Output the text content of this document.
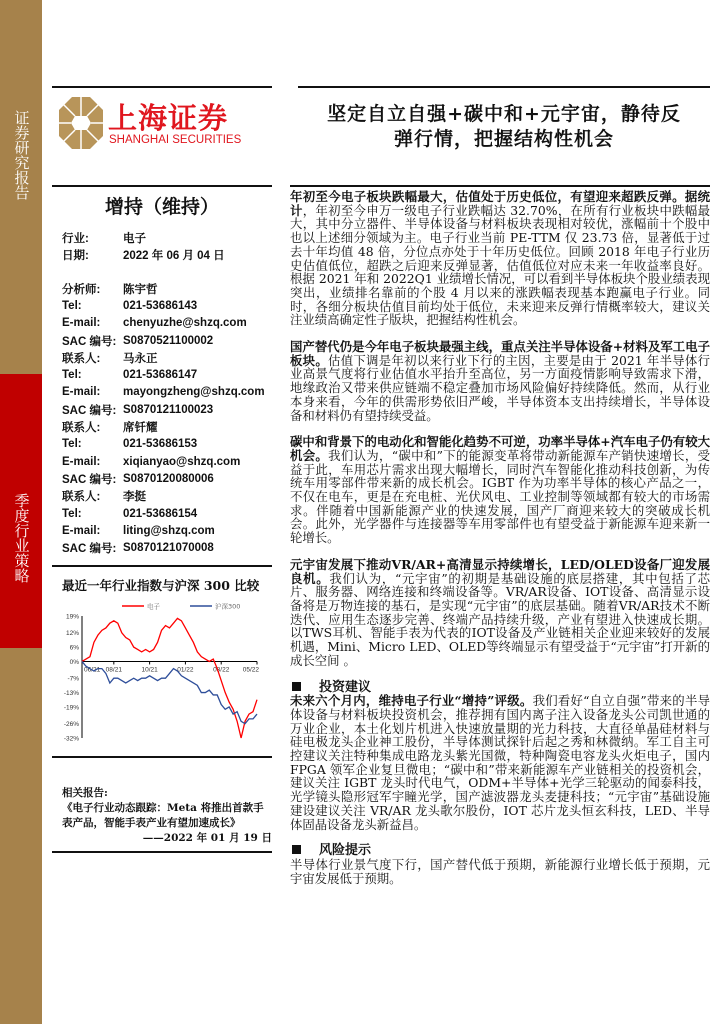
证券研究报告
季度行业策略
上海证券
SHANGHAI SECURITIES
坚定自立自强+碳中和+元宇宙，静待反
弹行情，把握结构性机会
增持（维持）
行业:	电子
日期:	2022 年 06 月 04 日
分析师:	陈宇哲
Tel:	021-53686143
E-mail:	chenyuzhe@shzq.com
SAC 编号: S0870521100002
联系人:	马永正
Tel:	021-53686147
E-mail:	mayongzheng@shzq.com
SAC 编号: S0870121100023
联系人:	席钎耀
Tel:	021-53686153
E-mail:	xiqianyao@shzq.com
SAC 编号: S0870120080006
联系人:	李挺
Tel:	021-53686154
E-mail:	liting@shzq.com
SAC 编号: S0870121070008
最近一年行业指数与沪深 300 比较
19%
12%
6%
0%
-7%
-13%
-19%
-26%
-32%
06/21 08/21	10/21	01/22	03/22 05/22
电子	沪深300
相关报告:
《电子行业动态跟踪：Meta 将推出首款手表产品，智能手表产业有望加速成长》
——2022 年 01 月 19 日

年初至今电子板块跌幅最大，估值处于历史低位，有望迎来超跌反弹。据统计，年初至今申万一级电子行业跌幅达 32.70%，在所有行业板块中跌幅最大，其中分立器件、半导体设备与材料板块表现相对较优，涨幅前十个股中也以上述细分领域为主。电子行业当前 PE-TTM 仅 23.73 倍，显著低于过去十年均值 48 倍，分位点亦处于十年历史低位。回顾 2018 年电子行业历史估值低位，超跌之后迎来反弹显著，估值低位对应未来一年收益率良好。根据 2021 年和 2022Q1 业绩增长情况，可以看到半导体板块个股业绩表现突出，业绩排名靠前的个股 4 月以来的涨跌幅表现基本跑赢电子行业。同时，各细分板块估值目前均处于低位，未来迎来反弹行情概率较大，建议关注业绩高确定性子版块，把握结构性机会。

国产替代仍是今年电子板块最强主线，重点关注半导体设备+材料及军工电子板块。估值下调是年初以来行业下行的主因，主要是由于 2021 年半导体行业高景气度将行业估值水平抬升至高位，另一方面疫情影响导致需求下滑，地缘政治又带来供应链端不稳定叠加市场风险偏好持续降低。然而，从行业本身来看，今年的供需形势依旧严峻，半导体资本支出持续增长，半导体设备和材料仍有望持续受益。

碳中和背景下的电动化和智能化趋势不可逆，功率半导体+汽车电子仍有较大机会。我们认为，“碳中和”下的能源变革将带动新能源车产销快速增长，受益于此，车用芯片需求出现大幅增长，同时汽车智能化推动科技创新，为传统车用零部件带来新的成长机会。IGBT 作为功率半导体的核心产品之一，不仅在电车，更是在充电桩、光伏风电、工业控制等领域都有较大的市场需求。伴随着中国新能源产业的快速发展，国产厂商迎来较大的突破成长机会。此外，光学器件与连接器等车用零部件也有望受益于新能源车迎来新一轮增长。

元宇宙发展下推动VR/AR+高清显示持续增长，LED/OLED设备厂迎发展良机。我们认为，“元宇宙”的初期是基础设施的底层搭建，其中包括了芯片、服务器、网络连接和终端设备等。VR/AR设备、IOT设备、高清显示设备将是万物连接的基石，是实现“元宇宙”的底层基础。随着VR/AR技术不断迭代、应用生态逐步完善、终端产品持续升级，产业有望进入快速成长期。以TWS耳机、智能手表为代表的IOT设备及产业链相关企业迎来较好的发展机遇，Mini、Micro LED、OLED等终端显示有望受益于“元宇宙”打开新的成长空间 。

投资建议

未来六个月内，维持电子行业“增持”评级。我们看好“自立自强”带来的半导体设备与材料板块投资机会，推荐拥有国内离子注入设备龙头公司凯世通的万业企业，本土化划片机进入快速放量期的光力科技，大直径单晶硅材料与硅电极龙头企业神工股份，半导体测试探针后起之秀和林微纳。军工自主可控建议关注特种集成电路龙头紫光国微，特种陶瓷电容龙头火炬电子，国内 FPGA 领军企业复旦微电；“碳中和”带来新能源车产业链相关的投资机会，建议关注 IGBT 龙头时代电气，ODM+半导体+光学三轮驱动的闻泰科技，光学镜头隐形冠军宇瞳光学，国产滤波器龙头麦捷科技；“元宇宙”基础设施建设建议关注 VR/AR 龙头歌尔股份，IOT 芯片龙头恒玄科技，LED、半导体固晶设备龙头新益昌。

风险提示

半导体行业景气度下行，国产替代低于预期，新能源行业增长低于预期，元宇宙发展低于预期。
